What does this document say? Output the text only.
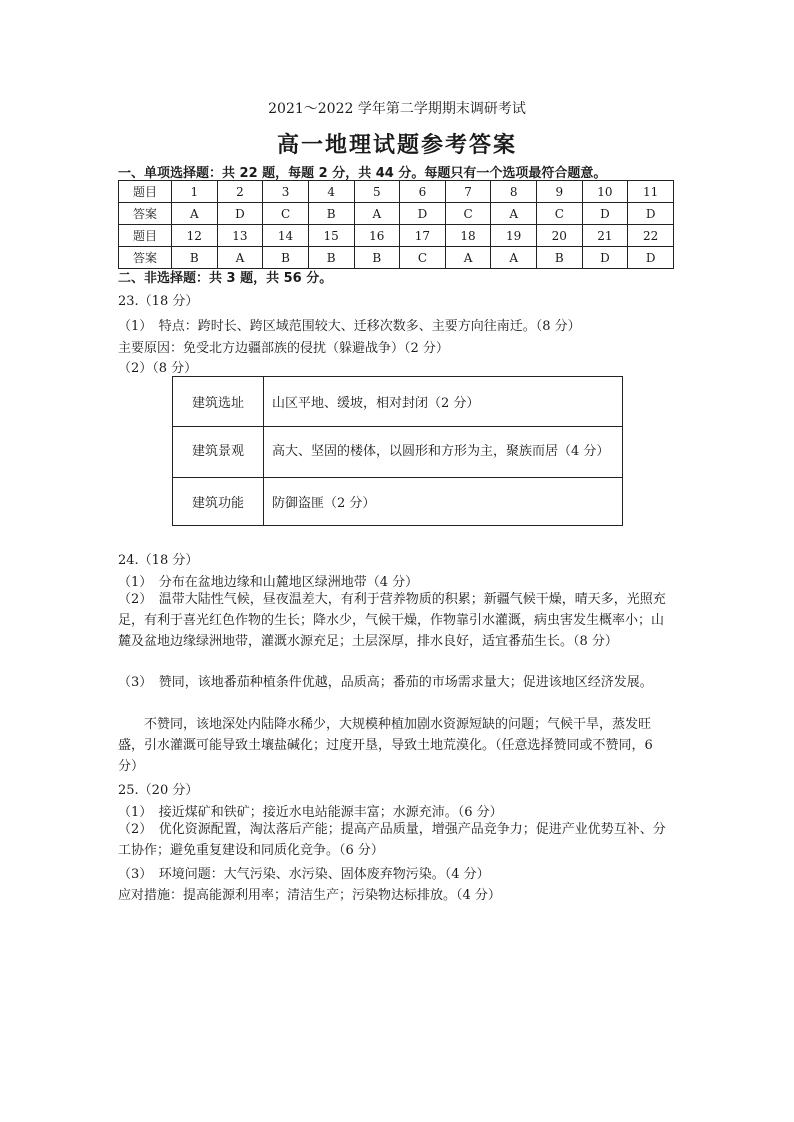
2021～2022 学年第二学期期末调研考试
高一地理试题参考答案
一、单项选择题：共 22 题，每题 2 分，共 44 分。每题只有一个选项最符合题意。
题目	1	2	3	4	5	6	7	8	9	10	11
答案	A	D	C	B	A	D	C	A	C	D	D
题目	12	13	14	15	16	17	18	19	20	21	22
答案	B	A	B	B	B	C	A	A	B	D	D
二、非选择题：共 3 题，共 56 分。
23.（18 分）
（1）　特点：跨时长、跨区域范围较大、迁移次数多、主要方向往南迁。（8 分）
主要原因：免受北方边疆部族的侵扰（躲避战争）（2 分）
（2）（8 分）
建筑选址	山区平地、缓坡，相对封闭（2 分）
建筑景观	高大、坚固的楼体，以圆形和方形为主，聚族而居（4 分）
建筑功能	防御盗匪（2 分）
24.（18 分）
（1）　分布在盆地边缘和山麓地区绿洲地带（4 分）

（2）　温带大陆性气候，昼夜温差大，有利于营养物质的积累；新疆气候干燥，晴天多，光照充足，有利于喜光红色作物的生长；降水少，气候干燥，作物靠引水灌溉，病虫害发生概率小；山麓及盆地边缘绿洲地带，灌溉水源充足；土层深厚，排水良好，适宜番茄生长。（8 分）

（3）　赞同，该地番茄种植条件优越，品质高；番茄的市场需求量大；促进该地区经济发展。

　　不赞同，该地深处内陆降水稀少，大规模种植加剧水资源短缺的问题；气候干旱，蒸发旺盛，引水灌溉可能导致土壤盐碱化；过度开垦，导致土地荒漠化。（任意选择赞同或不赞同，6 分）

25.（20 分）
（1）　接近煤矿和铁矿；接近水电站能源丰富；水源充沛。（6 分）

（2）　优化资源配置，淘汰落后产能；提高产品质量，增强产品竞争力；促进产业优势互补、分工协作；避免重复建设和同质化竞争。（6 分）

（3）　环境问题：大气污染、水污染、固体废弃物污染。（4 分）
应对措施：提高能源利用率；清洁生产；污染物达标排放。（4 分）
